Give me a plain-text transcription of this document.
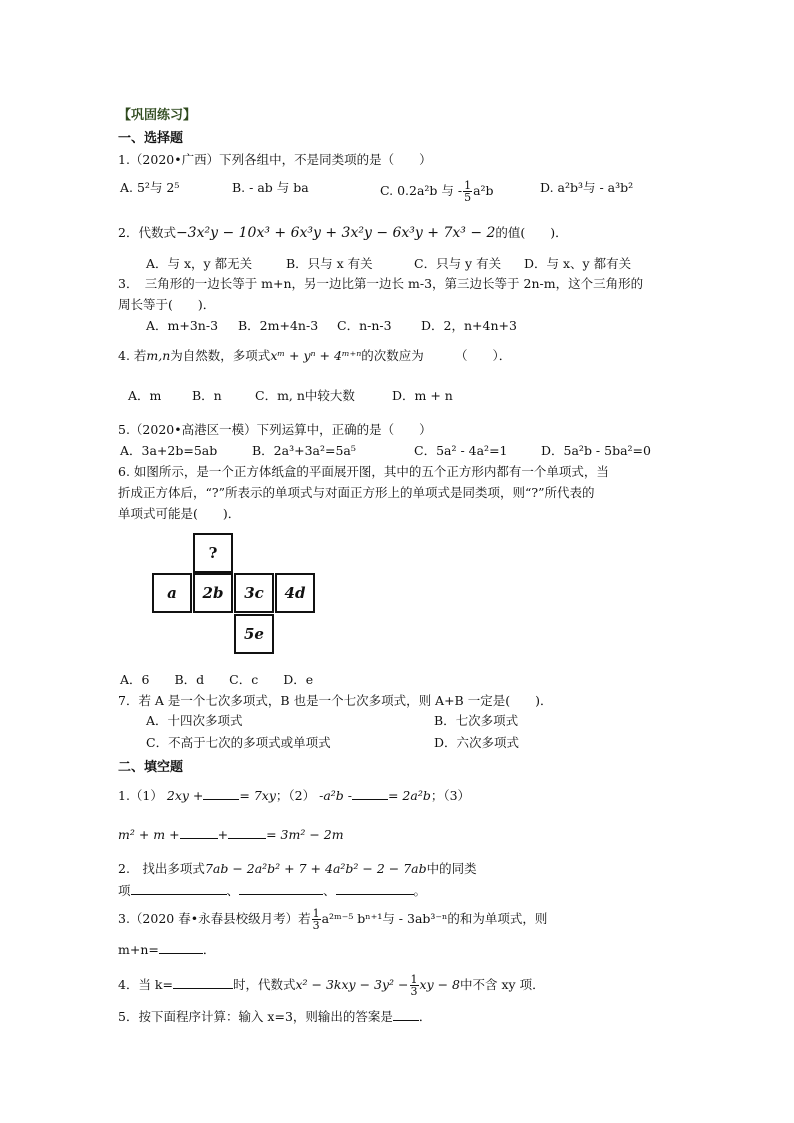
【巩固练习】
一、选择题
1.（2020•广西）下列各组中，不是同类项的是（　　）
A. 5²与 2⁵	B. - ab 与 ba	C. 0.2a²b 与 - $\frac{1}{5} a^2b$	D. a²b³与 - a³b²
2．代数式−3x²y − 10x³ + 6x³y + 3x²y − 6x³y + 7x³ − 2的值(　　)．
A．与 x，y 都无关	B．只与 x 有关	C．只与 y 有关 D．与 x、y 都有关
3．　三角形的一边长等于 m+n，另一边比第一边长 m-3，第三边长等于 2n-m，这个三角形的
周长等于(　　)．
A．m+3n-3 B．2m+4n-3 C．n-n-3 D．2，n+4n+3
4. 若m,n为自然数，多项式xᵐ + yⁿ + 4ᵐ⁺ⁿ的次数应为　　　（　　）．
A．m B．n	C．m, n中较大数	D．m + n
5.（2020•高港区一模）下列运算中，正确的是（　　）
A．3a+2b=5ab	B．2a³+3a²=5a⁵	C．5a² - 4a²=1	D．5a²b - 5ba²=0
6. 如图所示，是一个正方体纸盒的平面展开图，其中的五个正方形内都有一个单项式，当
折成正方体后，“?”所表示的单项式与对面正方形上的单项式是同类项，则“?”所代表的
单项式可能是(　　)．
?
a 2b 3c 4d
5e
A．6　　B．d　　C．c　　D．e
7．若 A 是一个七次多项式，B 也是一个七次多项式，则 A+B 一定是(　　)．
A．十四次多项式	B．七次多项式
C．不高于七次的多项式或单项式	D．六次多项式
二、填空题
1.（1） 2xy +	= 7xy；（2） -a²b -	= 2a²b；（3）
m² + m +	+	= 3m² − 2m
2.　找出多项式7ab − 2a²b² + 7 + 4a²b² − 2 − 7ab中的同类
项	、	、	。
3.（2020 春•永春县校级月考）若 $\frac{1}{3}$ a²ᵐ⁻⁵ bⁿ⁺¹与 - 3ab³⁻ⁿ的和为单项式，则
m+n=	．
4．当 k=	时，代数式$x^2 - 3kxy - 3y^2 - \frac{1}{3}$ xy − 8中不含 xy 项．
5．按下面程序计算：输入 x=3，则输出的答案是 ．
